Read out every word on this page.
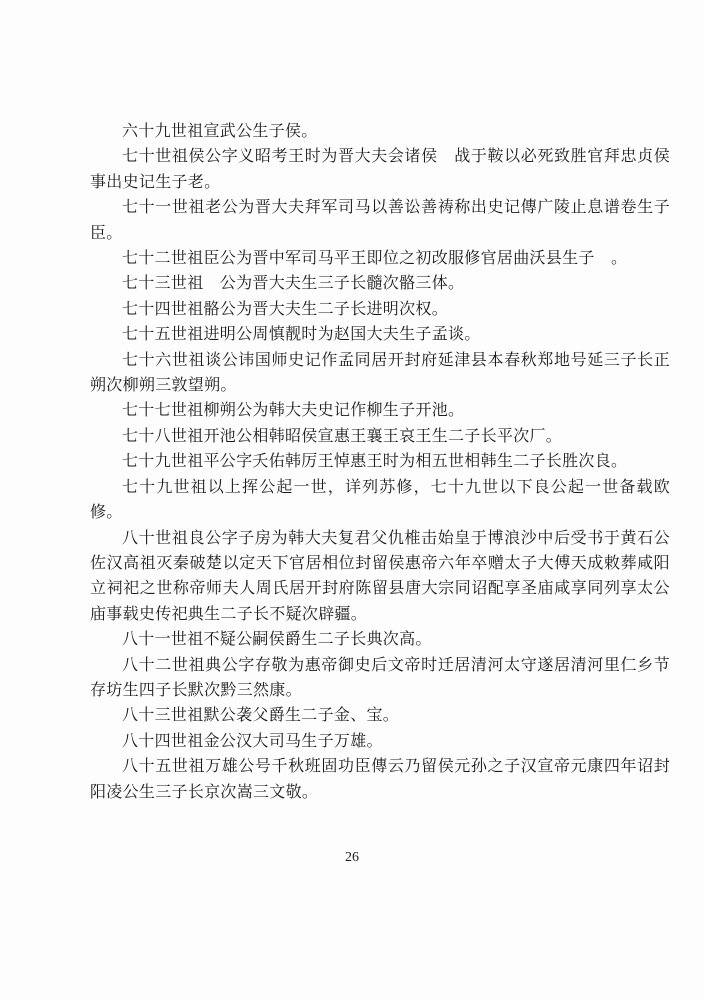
六十九世祖宣武公生子侯。

七十世祖侯公字义昭考王时为晋大夫会诸侯　战于鞍以必死致胜官拜忠贞侯事出史记生子老。

七十一世祖老公为晋大夫拜军司马以善讼善祷称出史记傳广陵止息谱卷生子臣。

七十二世祖臣公为晋中军司马平王即位之初改服修官居曲沃县生子　。

七十三世祖　公为晋大夫生三子长髓次骼三体。

七十四世祖骼公为晋大夫生二子长进明次权。

七十五世祖进明公周慎靓时为赵国大夫生子孟谈。

七十六世祖谈公讳国师史记作孟同居开封府延津县本春秋郑地号延三子长正朔次柳朔三敦望朔。

七十七世祖柳朔公为韩大夫史记作柳生子开池。

七十八世祖开池公相韩昭侯宣惠王襄王哀王生二子长平次厂。

七十九世祖平公字夭佑韩厉王悼惠王时为相五世相韩生二子长胜次良。

七十九世祖以上挥公起一世，详列苏修，七十九世以下良公起一世备载欧修。

八十世祖良公字子房为韩大夫复君父仇椎击始皇于博浪沙中后受书于黄石公佐汉高祖灭秦破楚以定天下官居相位封留侯惠帝六年卒赠太子大傅天成敕葬咸阳立祠祀之世称帝师夫人周氏居开封府陈留县唐大宗同诏配享圣庙咸享同列享太公庙事载史传祀典生二子长不疑次辟疆。

八十一世祖不疑公嗣侯爵生二子长典次高。

八十二世祖典公字存敬为惠帝御史后文帝时迁居清河太守遂居清河里仁乡节存坊生四子长默次黔三然康。

八十三世祖默公袭父爵生二子金、宝。

八十四世祖金公汉大司马生子万雄。

八十五世祖万雄公号千秋班固功臣傳云乃留侯元孙之子汉宣帝元康四年诏封阳凌公生三子长京次嵩三文敬。

26
